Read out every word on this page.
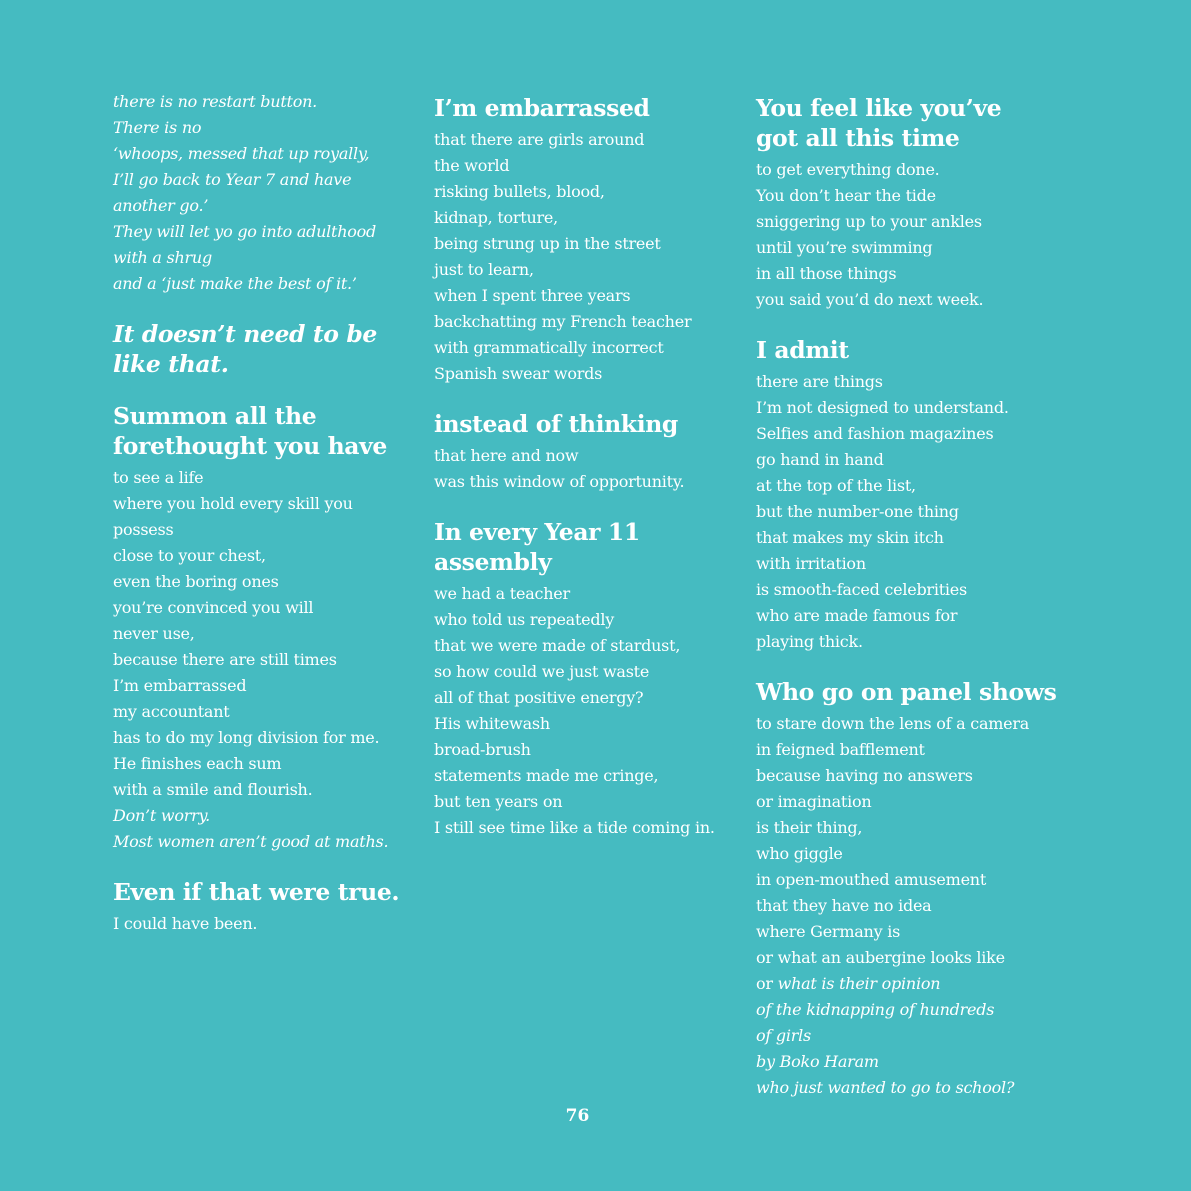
there is no restart button.
There is no
‘whoops, messed that up royally,
I’ll go back to Year 7 and have
another go.’
They will let yo go into adulthood
with a shrug
and a ‘just make the best of it.’
It doesn’t need to be
like that.
Summon all the
forethought you have
to see a life
where you hold every skill you
possess
close to your chest,
even the boring ones
you’re convinced you will
never use,
because there are still times
I’m embarrassed
my accountant
has to do my long division for me.
He finishes each sum
with a smile and flourish.
Don’t worry.
Most women aren’t good at maths.
Even if that were true.
I could have been.
I’m embarrassed
that there are girls around
the world
risking bullets, blood,
kidnap, torture,
being strung up in the street
just to learn,
when I spent three years
backchatting my French teacher
with grammatically incorrect
Spanish swear words
instead of thinking
that here and now
was this window of opportunity.
In every Year 11
assembly
we had a teacher
who told us repeatedly
that we were made of stardust,
so how could we just waste
all of that positive energy?
His whitewash
broad-brush
statements made me cringe,
but ten years on
I still see time like a tide coming in.
You feel like you’ve
got all this time
to get everything done.
You don’t hear the tide
sniggering up to your ankles
until you’re swimming
in all those things
you said you’d do next week.
I admit
there are things
I’m not designed to understand.
Selfies and fashion magazines
go hand in hand
at the top of the list,
but the number-one thing
that makes my skin itch
with irritation
is smooth-faced celebrities
who are made famous for
playing thick.
Who go on panel shows
to stare down the lens of a camera
in feigned bafflement
because having no answers
or imagination
is their thing,
who giggle
in open-mouthed amusement
that they have no idea
where Germany is
or what an aubergine looks like
or what is their opinion
of the kidnapping of hundreds
of girls
by Boko Haram
who just wanted to go to school?
76
